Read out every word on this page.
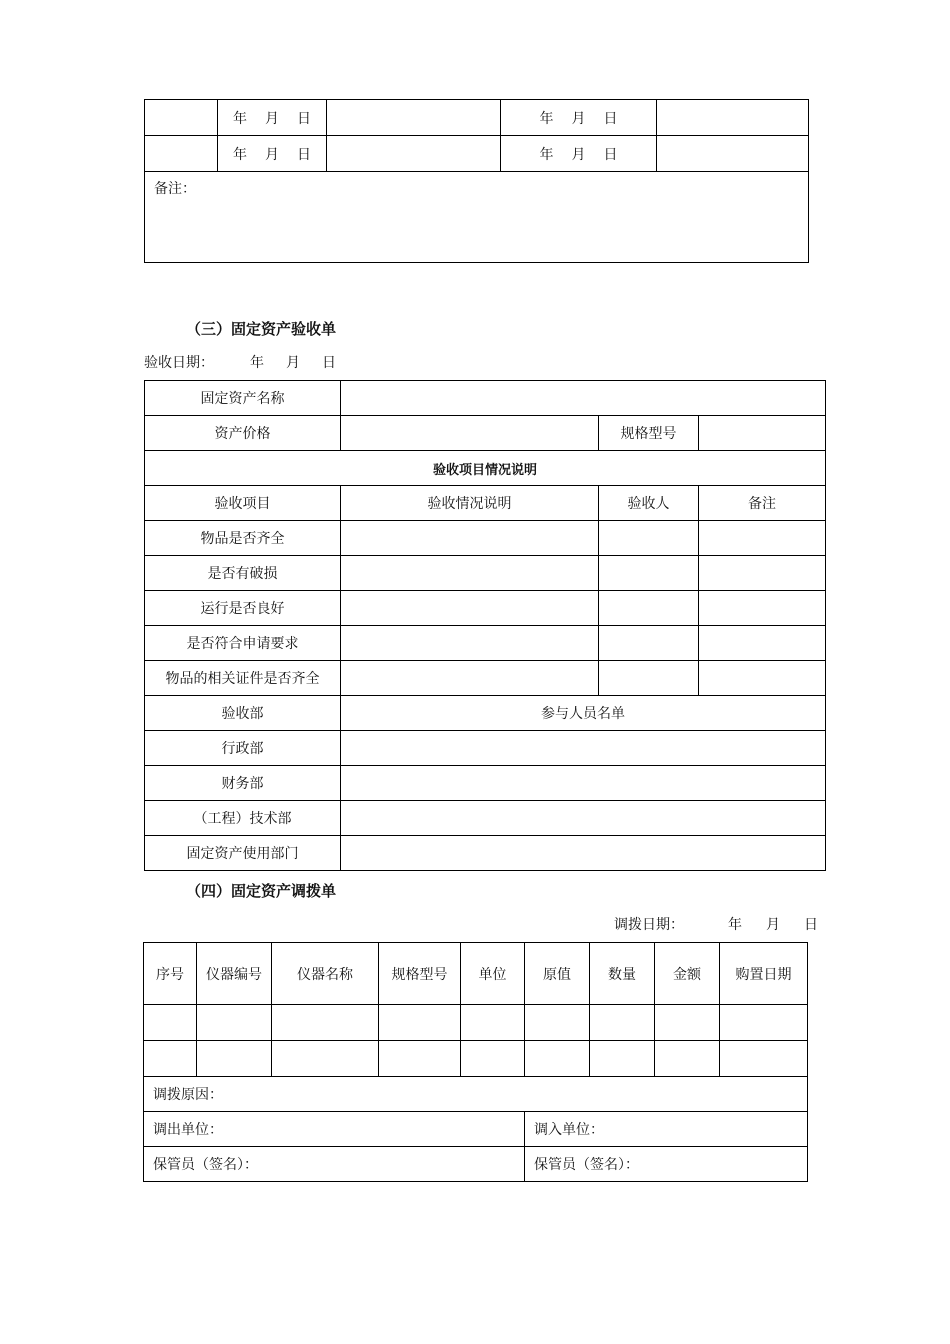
	年 月 日		年 月 日	
	年 月 日		年 月 日	
备注：				
（三）固定资产验收单
验收日期：	年 月 日
固定资产名称			
资产价格		规格型号	
验收项目情况说明			
验收项目	验收情况说明	验收人	备注
物品是否齐全			
是否有破损			
运行是否良好			
是否符合申请要求			
物品的相关证件是否齐全			
验收部	参与人员名单		
行政部			
财务部			
（工程）技术部			
固定资产使用部门			
（四）固定资产调拨单
调拨日期：	年 月 日
序号	仪器编号	仪器名称	规格型号	单位	原值	数量	金额	购置日期

调拨原因：								
调出单位：					调入单位：			
保管员（签名）：					保管员（签名）：			
